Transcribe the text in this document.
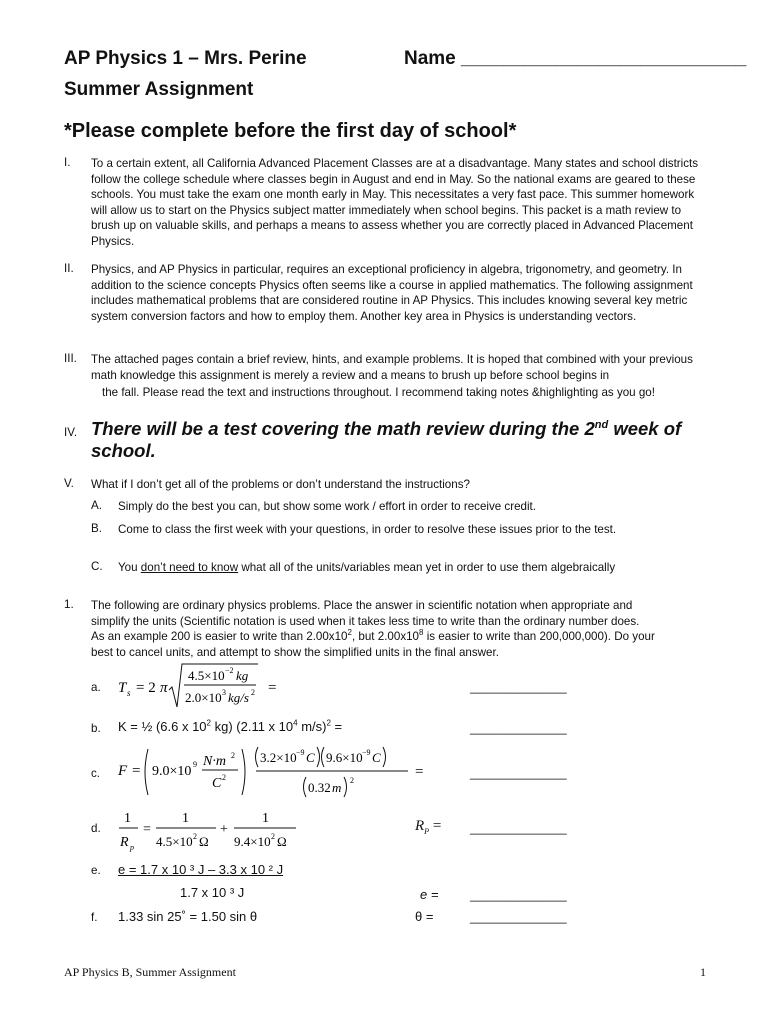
AP Physics 1 – Mrs. Perine	Name ___________________________
Summer Assignment
*Please complete before the first day of school*
I. To a certain extent, all California Advanced Placement Classes are at a disadvantage. Many states and school districts follow the college schedule where classes begin in August and end in May. So the national exams are geared to these schools. You must take the exam one month early in May. This necessitates a very fast pace. This summer homework will allow us to start on the Physics subject matter immediately when school begins. This packet is a math review to brush up on valuable skills, and perhaps a means to assess whether you are correctly placed in Advanced Placement Physics.
II. Physics, and AP Physics in particular, requires an exceptional proficiency in algebra, trigonometry, and geometry. In addition to the science concepts Physics often seems like a course in applied mathematics. The following assignment includes mathematical problems that are considered routine in AP Physics. This includes knowing several key metric system conversion factors and how to employ them. Another key area in Physics is understanding vectors.
III. The attached pages contain a brief review, hints, and example problems. It is hoped that combined with your previous math knowledge this assignment is merely a review and a means to brush up before school begins in
the fall. Please read the text and instructions throughout. I recommend taking notes &highlighting as you go!
IV. There will be a test covering the math review during the 2nd week of
school.
V. What if I don’t get all of the problems or don’t understand the instructions?
A. Simply do the best you can, but show some work / effort in order to receive credit.
B. Come to class the first week with your questions, in order to resolve these issues prior to the test.
C. You don’t need to know what all of the units/variables mean yet in order to use them algebraically
1. The following are ordinary physics problems. Place the answer in scientific notation when appropriate and
simplify the units (Scientific notation is used when it takes less time to write than the ordinary number does.
As an example 200 is easier to write than $2.00x10^2$, but $2.00x10^8$ is easier to write than 200,000,000). Do your
best to cancel units, and attempt to show the simplified units in the final answer.
a. T s = 2 π
4.5×10 −2 kg
2.0×10 3 kg/s 2 =	_______________
b. K = ½ (6.6 x $10^2$ kg) (2.11 x $10^4$ m/s)$^2$ =	_______________
c. F = 9.0×10 9 N·m 2
C 2
3.2×10 −9 C 9.6×10 −9 C
0.32 m 2
=	_______________
d.
1
R p
=
1
4.5×10 2 Ω
+
1
9.4×10 2 Ω
$R_P$ = _______________
e. e = 1.7 x 10 ³ J – 3.3 x 10 ² J
1.7 x 10 ³ J	e =	_______________
f. 1.33 sin 25˚ = 1.50 sin θ	θ =	_______________
AP Physics B, Summer Assignment	1
